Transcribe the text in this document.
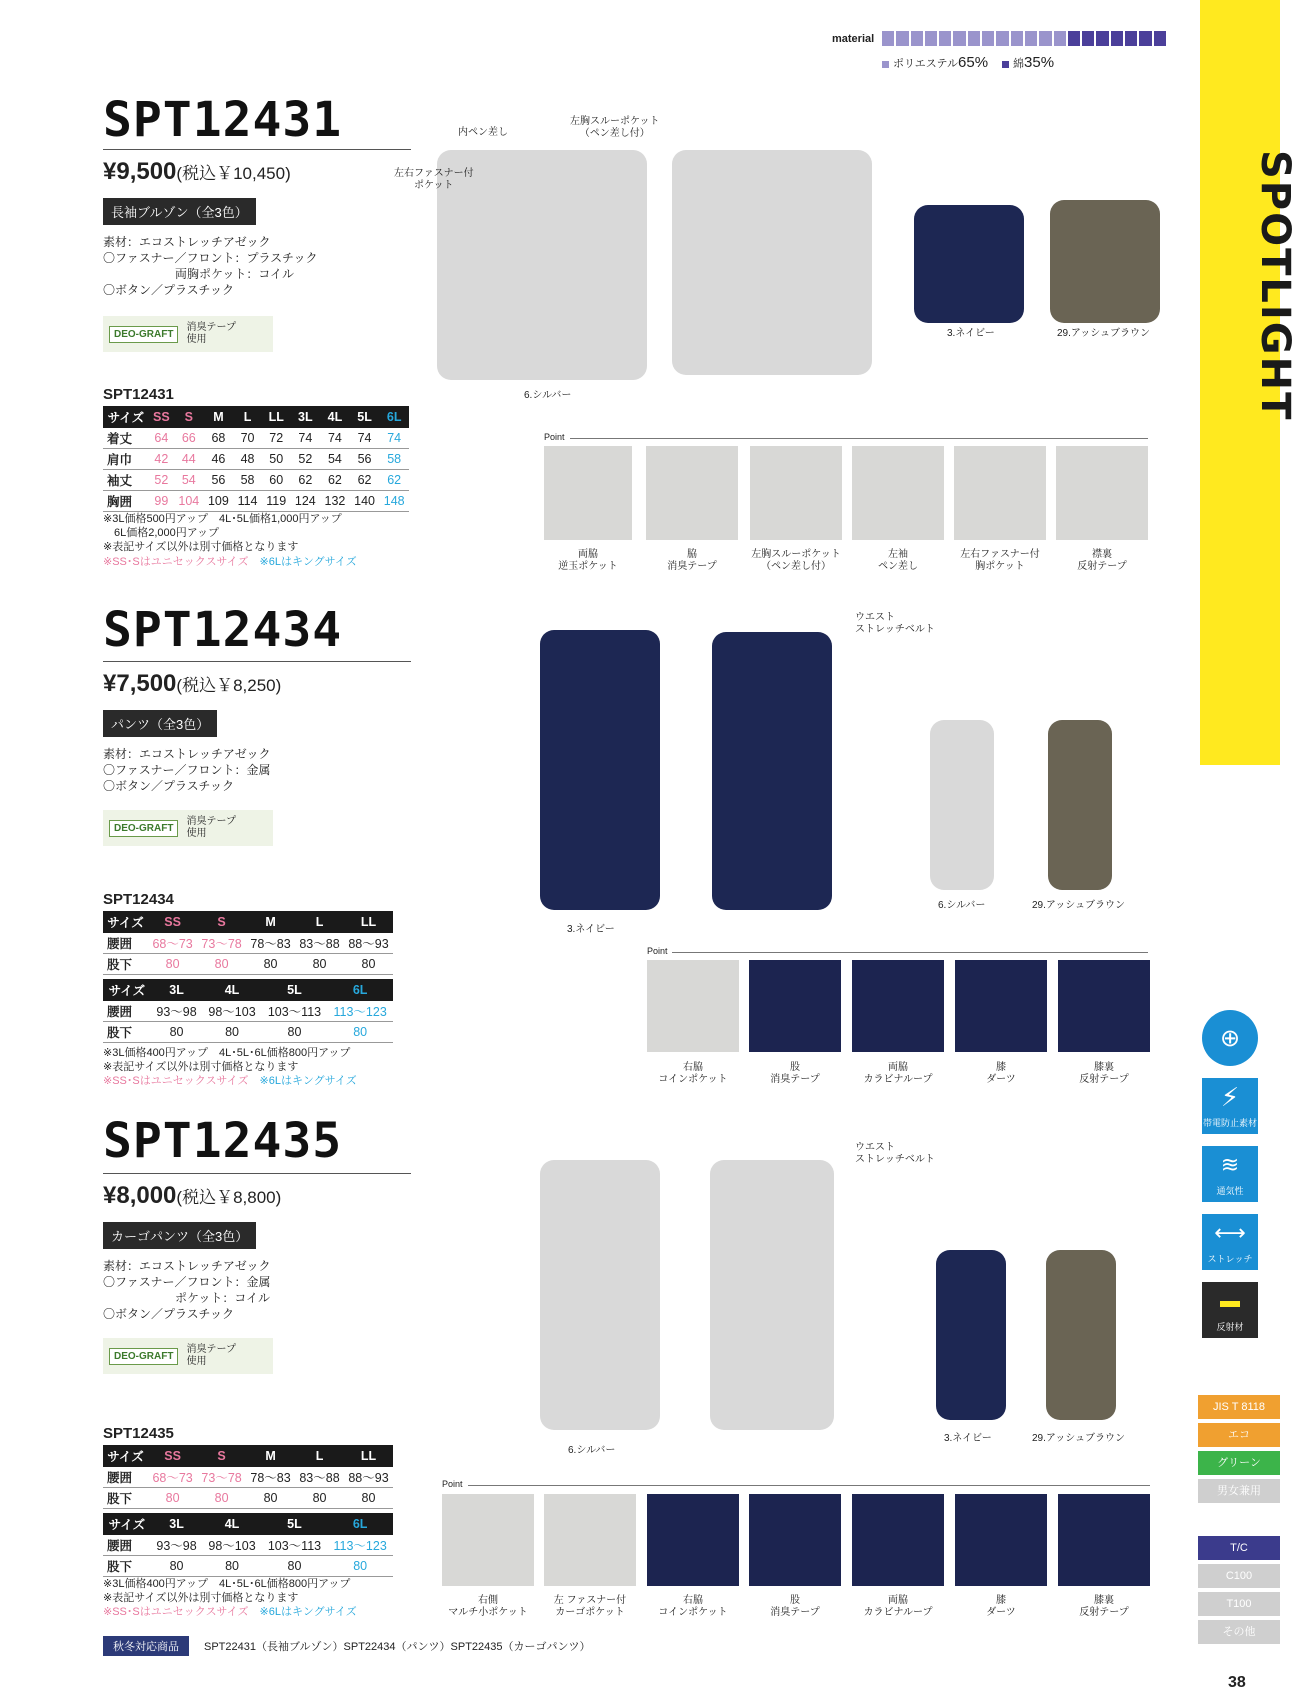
material
ポリエステル65%	綿35%
SPOTLIGHT
SPT12431
¥9,500(税込￥10,450)
長袖ブルゾン（全3色）
素材：エコストレッチアゼック
〇ファスナー／フロント：プラスチック
　　　　　　両胸ポケット：コイル
〇ボタン／プラスチック
DEO-GRAFT
消臭テープ
使用
内ペン差し
左胸スルーポケット
（ペン差し付）
左右ファスナー付
ポケット
6.シルバー
3.ネイビー	29.アッシュブラウン
SPT12431
サイズ	SS	S	M	L	LL	3L	4L	5L	6L
着丈	64	66	68	70	72	74	74	74	74
肩巾	42	44	46	48	50	52	54	56	58
袖丈	52	54	56	58	60	62	62	62	62
胸囲	99	104	109	114	119	124	132	140	148
※3L価格500円アップ　4L･5L価格1,000円アップ
　6L価格2,000円アップ
※表記サイズ以外は別寸価格となります
※SS･Sはユニセックスサイズ　 ※6Lはキングサイズ
Point
両脇
逆玉ポケット
脇
消臭テープ
左胸スルーポケット
（ペン差し付）
左袖
ペン差し
左右ファスナー付
胸ポケット
襟裏
反射テープ
SPT12434
¥7,500(税込￥8,250)
パンツ（全3色）
素材：エコストレッチアゼック
〇ファスナー／フロント：金属
〇ボタン／プラスチック
DEO-GRAFT
消臭テープ
使用
ウエスト
ストレッチベルト
3.ネイビー
6.シルバー	29.アッシュブラウン
SPT12434
サイズ	SS	S	M	L	LL
腰囲	68〜73	73〜78	78〜83	83〜88	88〜93
股下	80	80	80	80	80
サイズ	3L	4L	5L	6L
腰囲	93〜98	98〜103	103〜113	113〜123
股下	80	80	80	80
※3L価格400円アップ　4L･5L･6L価格800円アップ
※表記サイズ以外は別寸価格となります
※SS･Sはユニセックスサイズ　 ※6Lはキングサイズ
Point
右脇
コインポケット
股
消臭テープ
両脇
カラビナループ
膝
ダーツ
膝裏
反射テープ
SPT12435
¥8,000(税込￥8,800)
カーゴパンツ（全3色）
素材：エコストレッチアゼック
〇ファスナー／フロント：金属
　　　　　　ポケット：コイル
〇ボタン／プラスチック
DEO-GRAFT
消臭テープ
使用
ウエスト
ストレッチベルト
6.シルバー
3.ネイビー	29.アッシュブラウン
SPT12435
サイズ	SS	S	M	L	LL
腰囲	68〜73	73〜78	78〜83	83〜88	88〜93
股下	80	80	80	80	80
サイズ	3L	4L	5L	6L
腰囲	93〜98	98〜103	103〜113	113〜123
股下	80	80	80	80
※3L価格400円アップ　4L･5L･6L価格800円アップ
※表記サイズ以外は別寸価格となります
※SS･Sはユニセックスサイズ　 ※6Lはキングサイズ
Point
右側
マルチ小ポケット
左 ファスナー付
カーゴポケット
右脇
コインポケット
股
消臭テープ
両脇
カラビナループ
膝
ダーツ
膝裏
反射テープ
⊕
⚡
帯電防止素材
≋
通気性
⟷
ストレッチ
▬
反射材
JIS T 8118
エコ
グリーン
男女兼用
T/C
C100
T100
その他
秋冬対応商品	SPT22431（長袖ブルゾン）SPT22434（パンツ）SPT22435（カーゴパンツ）
38
